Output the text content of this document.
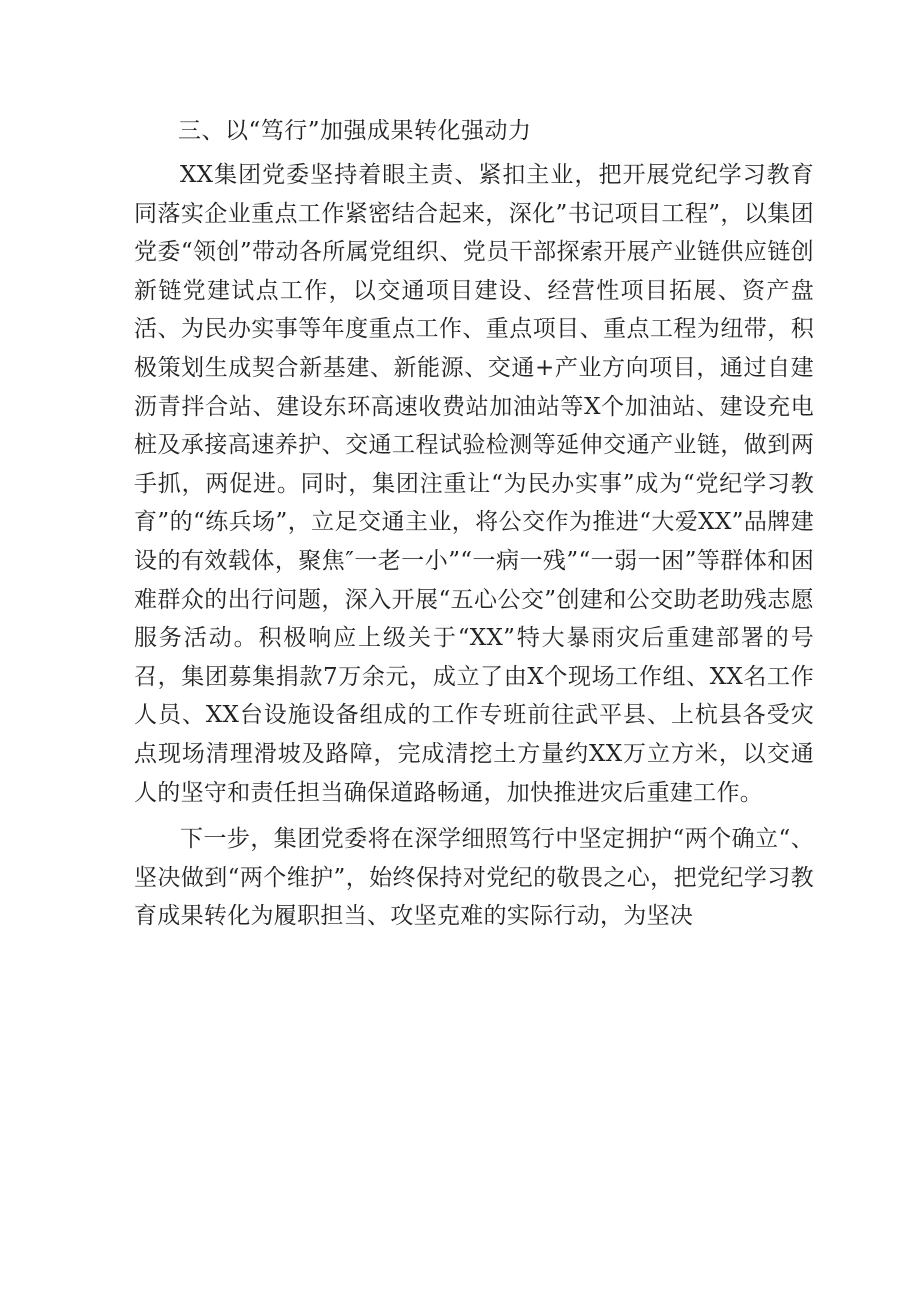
三、以“笃行”加强成果转化强动力

XX集团党委坚持着眼主责、紧扣主业，把开展党纪学习教育同落实企业重点工作紧密结合起来，深化”书记项目工程”，以集团党委“领创”带动各所属党组织、党员干部探索开展产业链供应链创新链党建试点工作，以交通项目建设、经营性项目拓展、资产盘活、为民办实事等年度重点工作、重点项目、重点工程为纽带，积极策划生成契合新基建、新能源、交通+产业方向项目，通过自建沥青拌合站、建设东环高速收费站加油站等X个加油站、建设充电桩及承接高速养护、交通工程试验检测等延伸交通产业链，做到两手抓，两促进。同时，集团注重让“为民办实事”成为“党纪学习教育”的“练兵场”，立足交通主业，将公交作为推进“大爱XX”品牌建设的有效载体，聚焦″一老一小”“一病一残”“一弱一困”等群体和困难群众的出行问题，深入开展“五心公交”创建和公交助老助残志愿服务活动。积极响应上级关于“XX”特大暴雨灾后重建部署的号召，集团募集捐款7万余元，成立了由X个现场工作组、XX名工作人员、XX台设施设备组成的工作专班前往武平县、上杭县各受灾点现场清理滑坡及路障，完成清挖土方量约XX万立方米，以交通人的坚守和责任担当确保道路畅通，加快推进灾后重建工作。

下一步，集团党委将在深学细照笃行中坚定拥护“两个确立“、坚决做到“两个维护”，始终保持对党纪的敬畏之心，把党纪学习教育成果转化为履职担当、攻坚克难的实际行动，为坚决
